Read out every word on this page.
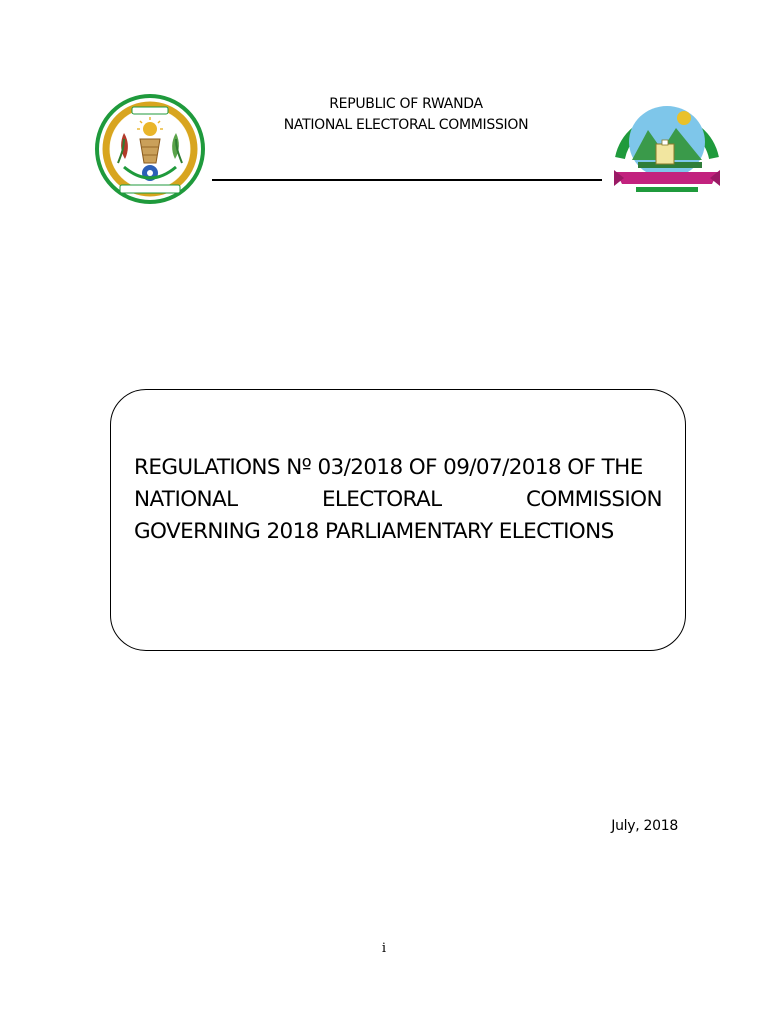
REPUBLIC OF RWANDA
NATIONAL ELECTORAL COMMISSION
REGULATIONS Nº 03/2018 OF 09/07/2018 OF THE
NATIONAL	ELECTORAL	COMMISSION
GOVERNING 2018 PARLIAMENTARY ELECTIONS
July, 2018
i
